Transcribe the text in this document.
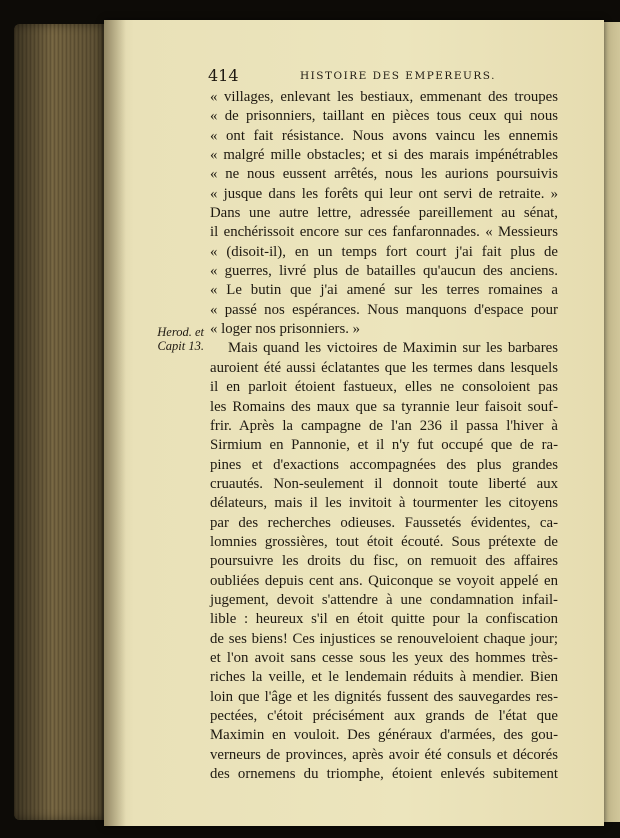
414	HISTOIRE DES EMPEREURS.
Herod. et
Capit 13.
« villages, enlevant les bestiaux, emmenant des troupes
« de prisonniers, taillant en pièces tous ceux qui nous
« ont fait résistance. Nous avons vaincu les ennemis
« malgré mille obstacles; et si des marais impénétrables
« ne nous eussent arrêtés, nous les aurions poursuivis
« jusque dans les forêts qui leur ont servi de retraite. »
Dans une autre lettre, adressée pareillement au sénat,
il enchérissoit encore sur ces fanfaronnades. « Messieurs
« (disoit-il), en un temps fort court j'ai fait plus de
« guerres, livré plus de batailles qu'aucun des anciens.
« Le butin que j'ai amené sur les terres romaines a
« passé nos espérances. Nous manquons d'espace pour
« loger nos prisonniers. »
Mais quand les victoires de Maximin sur les barbares
auroient été aussi éclatantes que les termes dans lesquels
il en parloit étoient fastueux, elles ne consoloient pas
les Romains des maux que sa tyrannie leur faisoit souf-
frir. Après la campagne de l'an 236 il passa l'hiver à
Sirmium en Pannonie, et il n'y fut occupé que de ra-
pines et d'exactions accompagnées des plus grandes
cruautés. Non-seulement il donnoit toute liberté aux
délateurs, mais il les invitoit à tourmenter les citoyens
par des recherches odieuses. Faussetés évidentes, ca-
lomnies grossières, tout étoit écouté. Sous prétexte de
poursuivre les droits du fisc, on remuoit des affaires
oubliées depuis cent ans. Quiconque se voyoit appelé en
jugement, devoit s'attendre à une condamnation infail-
lible : heureux s'il en étoit quitte pour la confiscation
de ses biens! Ces injustices se renouveloient chaque jour;
et l'on avoit sans cesse sous les yeux des hommes très-
riches la veille, et le lendemain réduits à mendier. Bien
loin que l'âge et les dignités fussent des sauvegardes res-
pectées, c'étoit précisément aux grands de l'état que
Maximin en vouloit. Des généraux d'armées, des gou-
verneurs de provinces, après avoir été consuls et décorés
des ornemens du triomphe, étoient enlevés subitement
